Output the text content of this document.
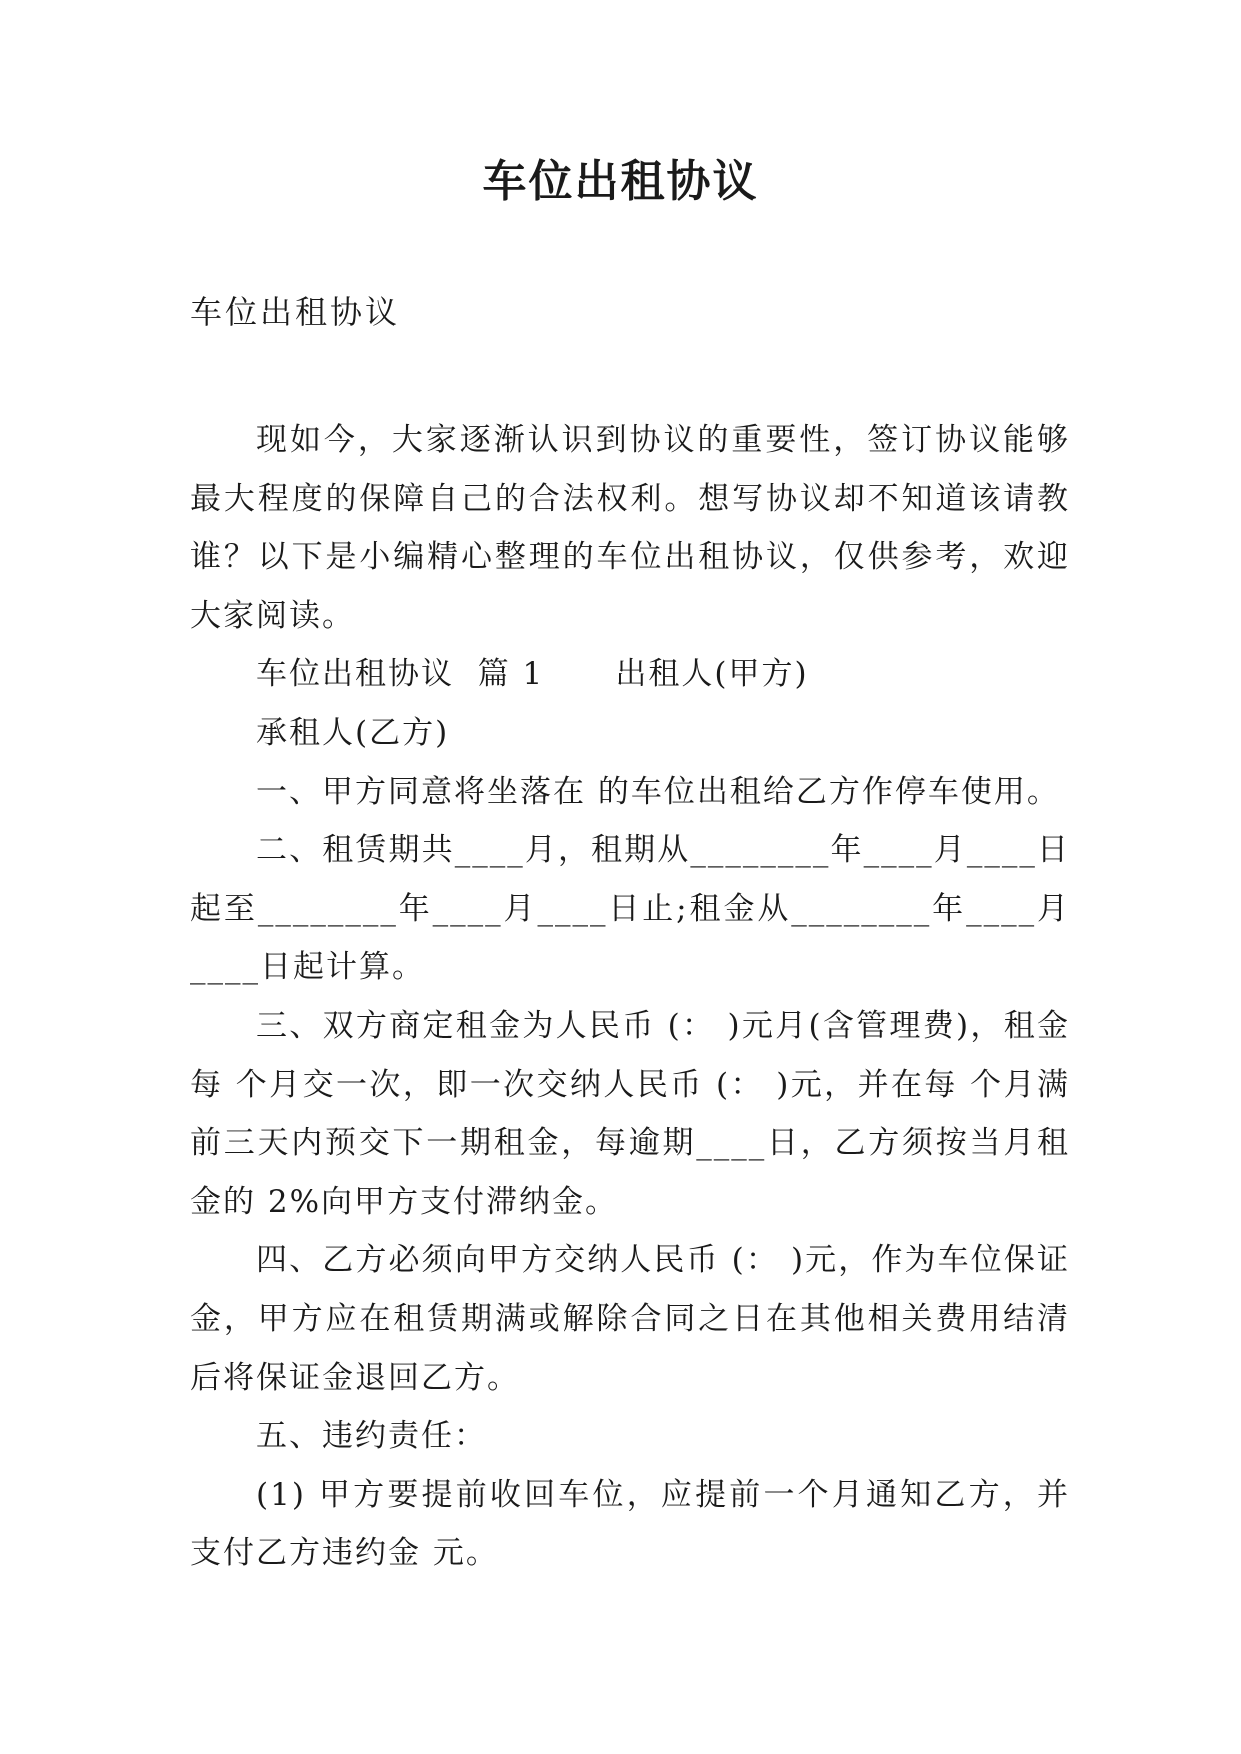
车位出租协议
车位出租协议

现如今，大家逐渐认识到协议的重要性，签订协议能够最大程度的保障自己的合法权利。想写协议却不知道该请教谁？以下是小编精心整理的车位出租协议，仅供参考，欢迎大家阅读。

车位出租协议  篇 1      出租人(甲方)

承租人(乙方)

一、甲方同意将坐落在 的车位出租给乙方作停车使用。

二、租赁期共____月，租期从________年____月____日起至________年____月____日止;租金从________年____月____日起计算。

三、双方商定租金为人民币 (： )元月(含管理费)，租金每 个月交一次，即一次交纳人民币 (： )元，并在每 个月满前三天内预交下一期租金，每逾期____日，乙方须按当月租金的 2%向甲方支付滞纳金。

四、乙方必须向甲方交纳人民币 (： )元，作为车位保证金，甲方应在租赁期满或解除合同之日在其他相关费用结清后将保证金退回乙方。

五、违约责任：

(1) 甲方要提前收回车位，应提前一个月通知乙方，并支付乙方违约金 元。
